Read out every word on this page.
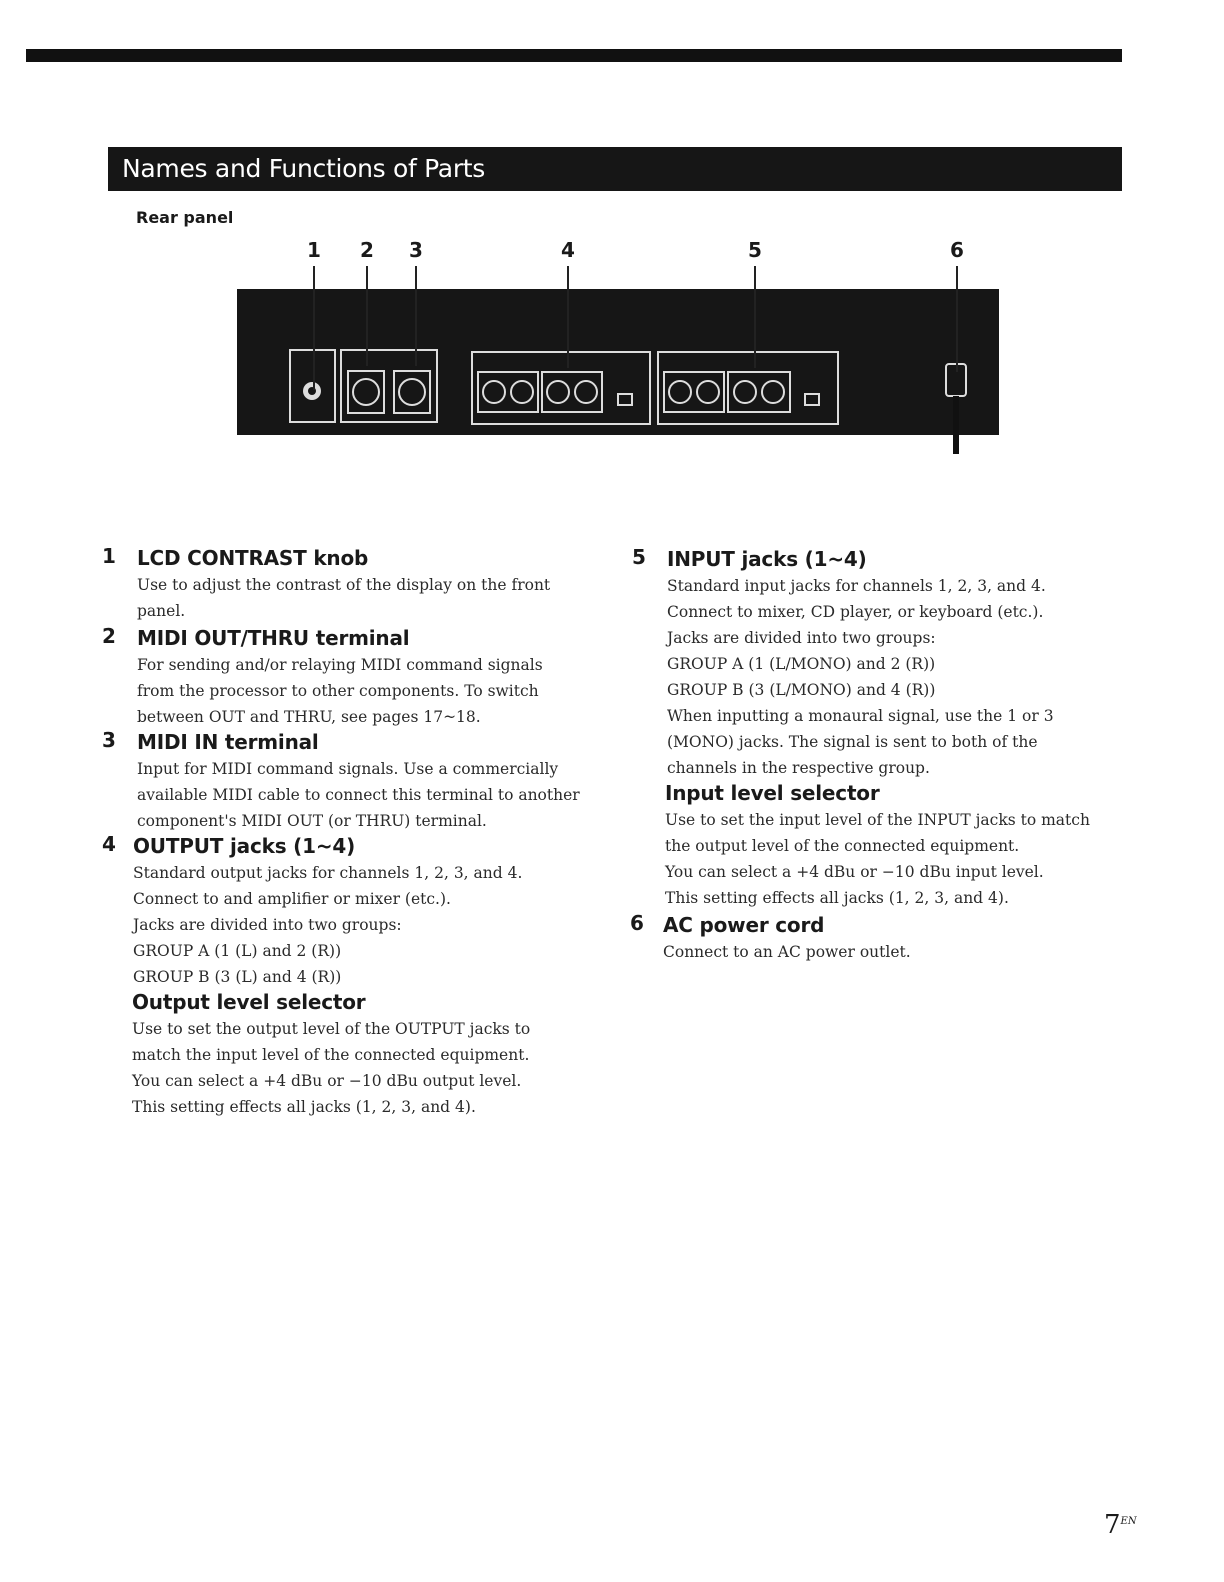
Names and Functions of Parts
Rear panel
1	2	3	4	5	6
1	LCD CONTRAST knob
Use to adjust the contrast of the display on the front
panel.
2	MIDI OUT/THRU terminal
For sending and/or relaying MIDI command signals
from the processor to other components. To switch
between OUT and THRU, see pages 17~18.
3	MIDI IN terminal
Input for MIDI command signals. Use a commercially
available MIDI cable to connect this terminal to another
component's MIDI OUT (or THRU) terminal.
4 OUTPUT jacks (1~4)
Standard output jacks for channels 1, 2, 3, and 4.
Connect to and amplifier or mixer (etc.).
Jacks are divided into two groups:
GROUP A (1 (L) and 2 (R))
GROUP B (3 (L) and 4 (R))
Output level selector
Use to set the output level of the OUTPUT jacks to
match the input level of the connected equipment.
You can select a +4 dBu or −10 dBu output level.
This setting effects all jacks (1, 2, 3, and 4).
5	INPUT jacks (1~4)
Standard input jacks for channels 1, 2, 3, and 4.
Connect to mixer, CD player, or keyboard (etc.).
Jacks are divided into two groups:
GROUP A (1 (L/MONO) and 2 (R))
GROUP B (3 (L/MONO) and 4 (R))
When inputting a monaural signal, use the 1 or 3
(MONO) jacks. The signal is sent to both of the
channels in the respective group.
Input level selector
Use to set the input level of the INPUT jacks to match
the output level of the connected equipment.
You can select a +4 dBu or −10 dBu input level.
This setting effects all jacks (1, 2, 3, and 4).
6 AC power cord
Connect to an AC power outlet.
$7^{EN}$
